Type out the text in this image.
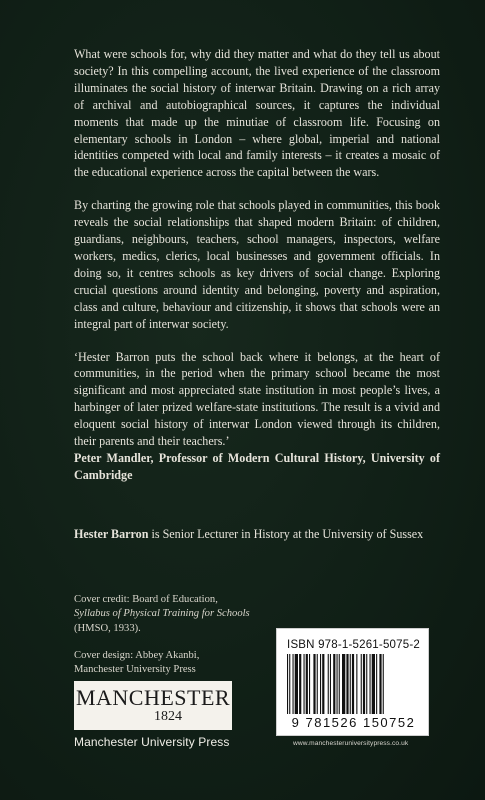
What were schools for, why did they matter and what do they tell us about society? In this compelling account, the lived experience of the classroom illuminates the social history of interwar Britain. Drawing on a rich array of archival and autobiographical sources, it captures the individual moments that made up the minutiae of classroom life. Focusing on elementary schools in London – where global, imperial and national identities competed with local and family interests – it creates a mosaic of the educational experience across the capital between the wars.

By charting the growing role that schools played in communities, this book reveals the social relationships that shaped modern Britain: of children, guardians, neighbours, teachers, school managers, inspectors, welfare workers, medics, clerics, local businesses and government officials. In doing so, it centres schools as key drivers of social change. Exploring crucial questions around identity and belonging, poverty and aspiration, class and culture, behaviour and citizenship, it shows that schools were an integral part of interwar society.

‘Hester Barron puts the school back where it belongs, at the heart of communities, in the period when the primary school became the most significant and most appreciated state institution in most people’s lives, a harbinger of later prized welfare-state institutions. The result is a vivid and eloquent social history of interwar London viewed through its children, their parents and their teachers.’

Peter Mandler, Professor of Modern Cultural History, University of Cambridge

Hester Barron is Senior Lecturer in History at the University of Sussex

Cover credit: Board of Education,
Syllabus of Physical Training for Schools
(HMSO, 1933).

Cover design: Abbey Akanbi,
Manchester University Press

MANCHESTER
1824
Manchester University Press
ISBN 978-1-5261-5075-2
9 781526 150752
www.manchesteruniversitypress.co.uk
